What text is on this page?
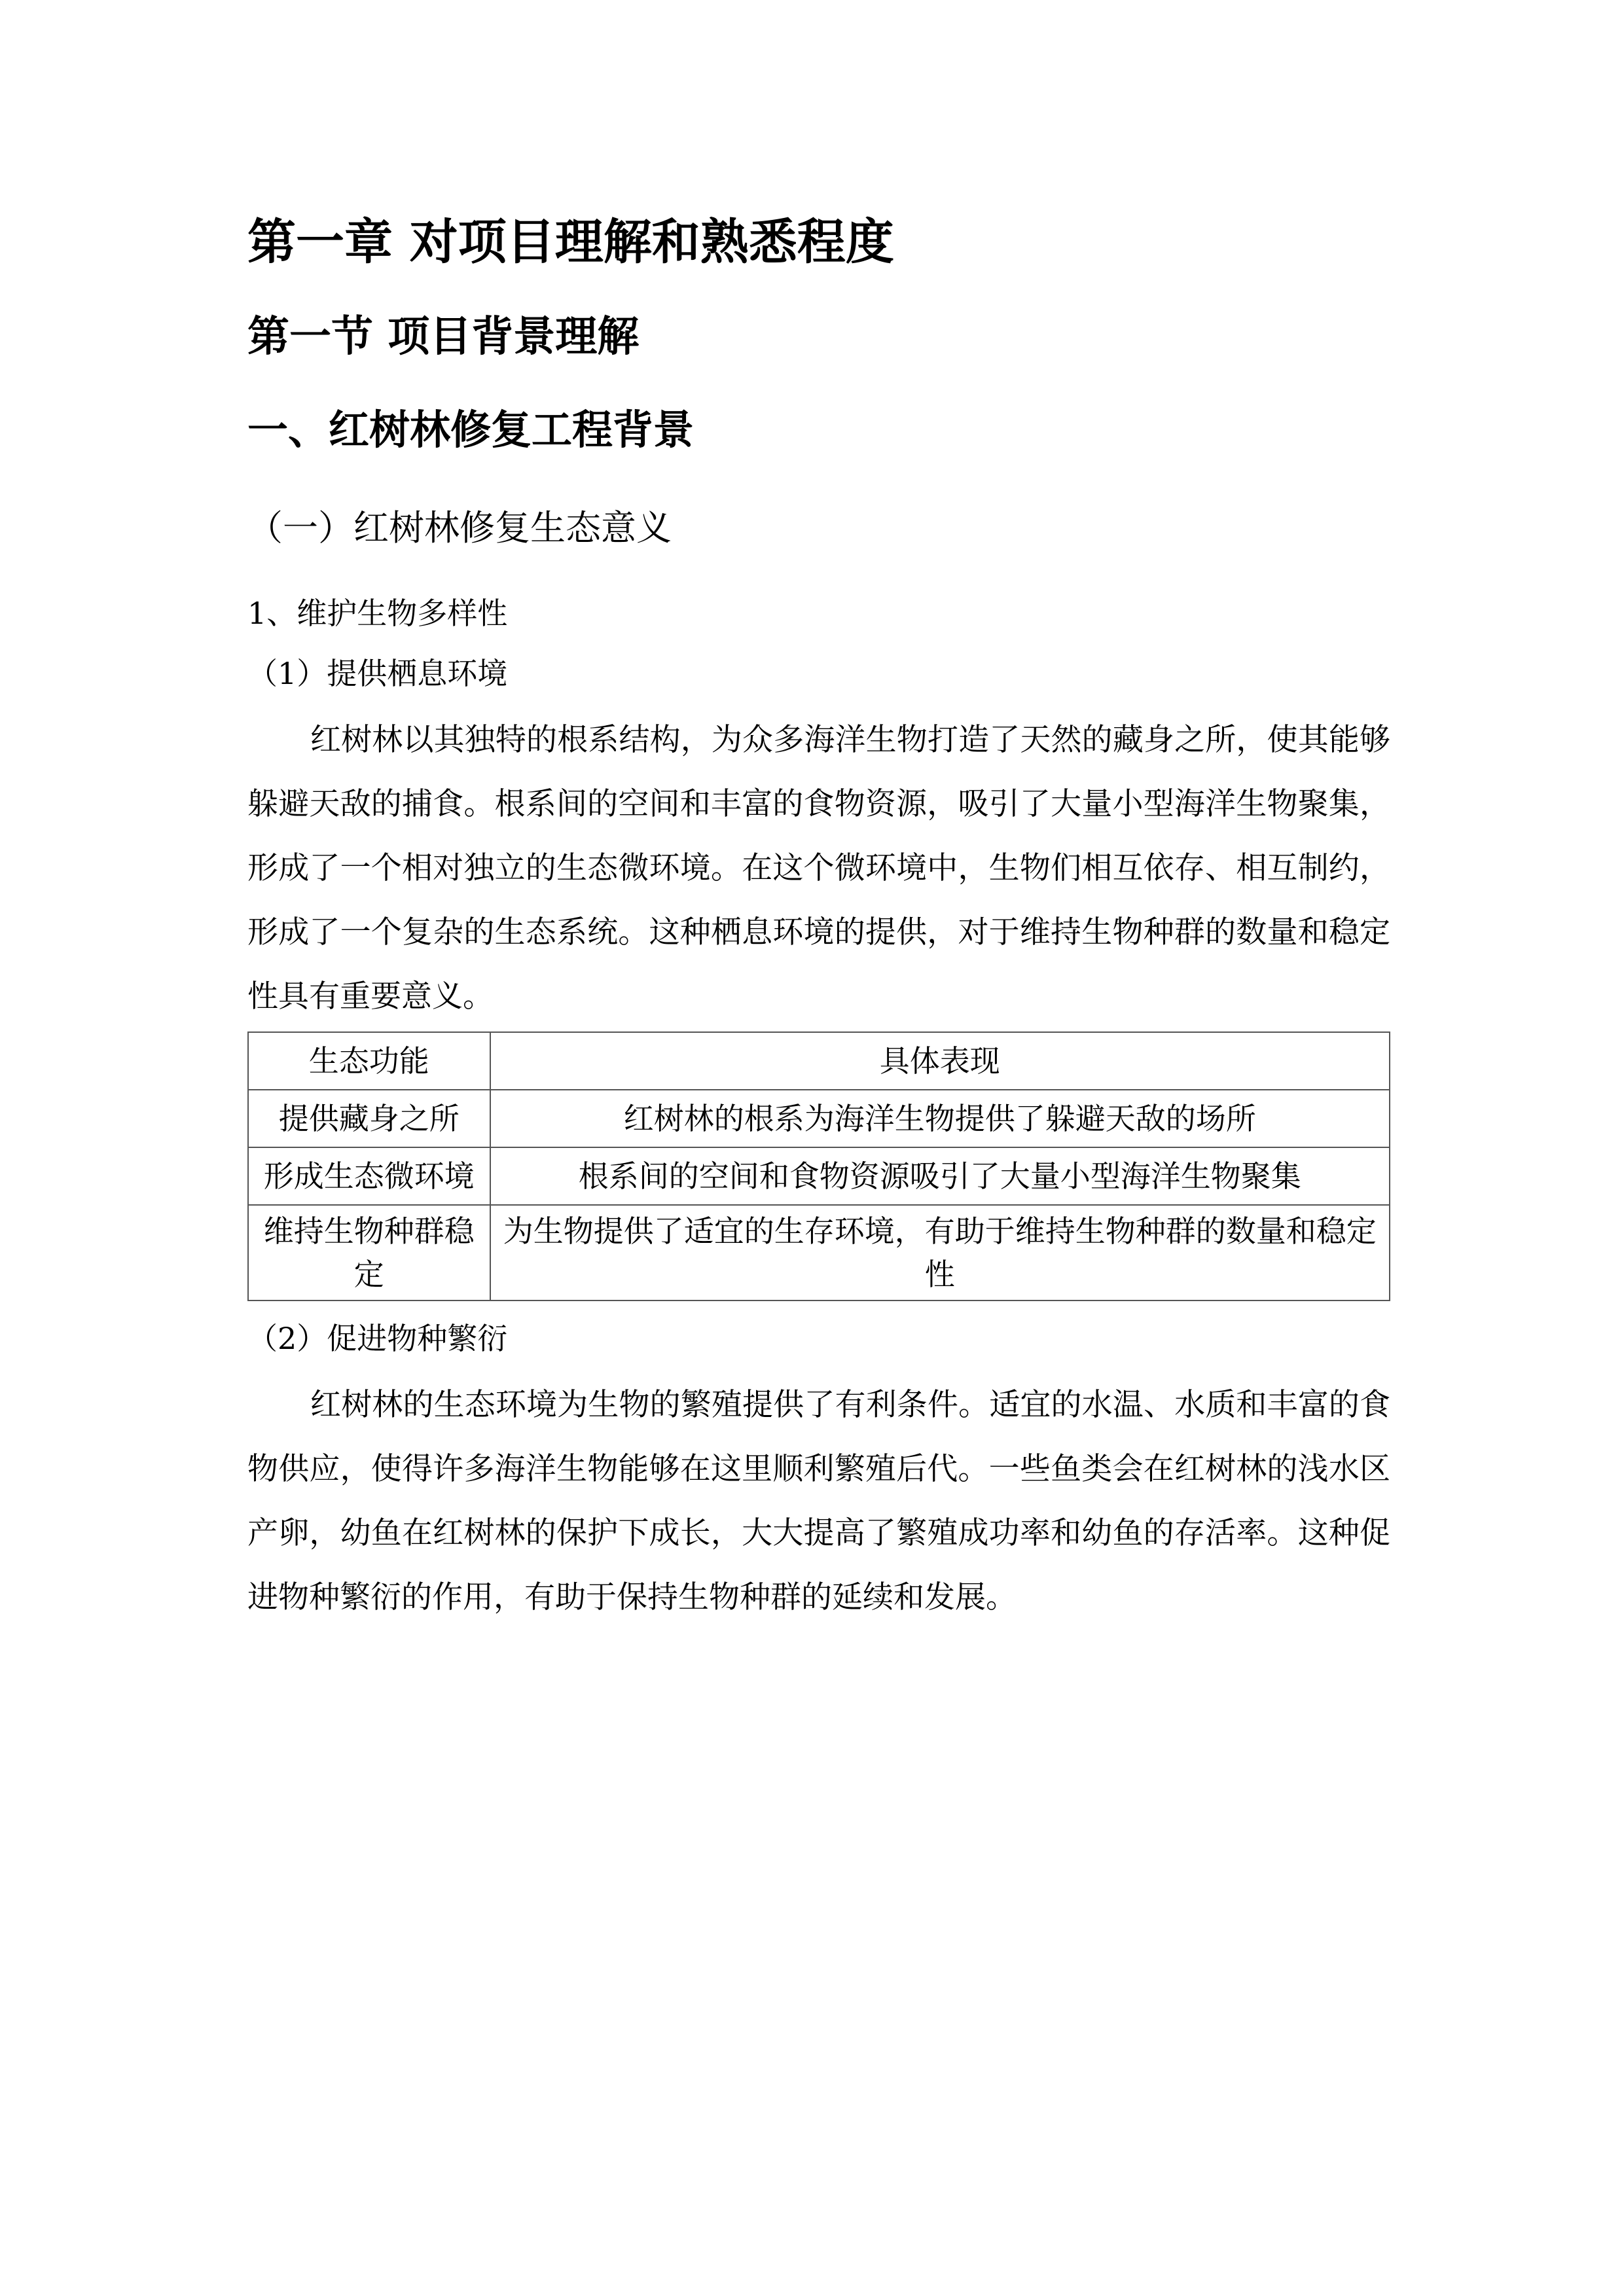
第一章 对项目理解和熟悉程度
第一节 项目背景理解
一、红树林修复工程背景
（一）红树林修复生态意义
1、维护生物多样性
（1）提供栖息环境

红树林以其独特的根系结构，为众多海洋生物打造了天然的藏身之所，使其能够躲避天敌的捕食。根系间的空间和丰富的食物资源，吸引了大量小型海洋生物聚集，形成了一个相对独立的生态微环境。在这个微环境中，生物们相互依存、相互制约，形成了一个复杂的生态系统。这种栖息环境的提供，对于维持生物种群的数量和稳定性具有重要意义。

生态功能	具体表现
提供藏身之所	红树林的根系为海洋生物提供了躲避天敌的场所
形成生态微环境	根系间的空间和食物资源吸引了大量小型海洋生物聚集
维持生物种群稳定	为生物提供了适宜的生存环境，有助于维持生物种群的数量和稳定性
（2）促进物种繁衍

红树林的生态环境为生物的繁殖提供了有利条件。适宜的水温、水质和丰富的食物供应，使得许多海洋生物能够在这里顺利繁殖后代。一些鱼类会在红树林的浅水区产卵，幼鱼在红树林的保护下成长，大大提高了繁殖成功率和幼鱼的存活率。这种促进物种繁衍的作用，有助于保持生物种群的延续和发展。
